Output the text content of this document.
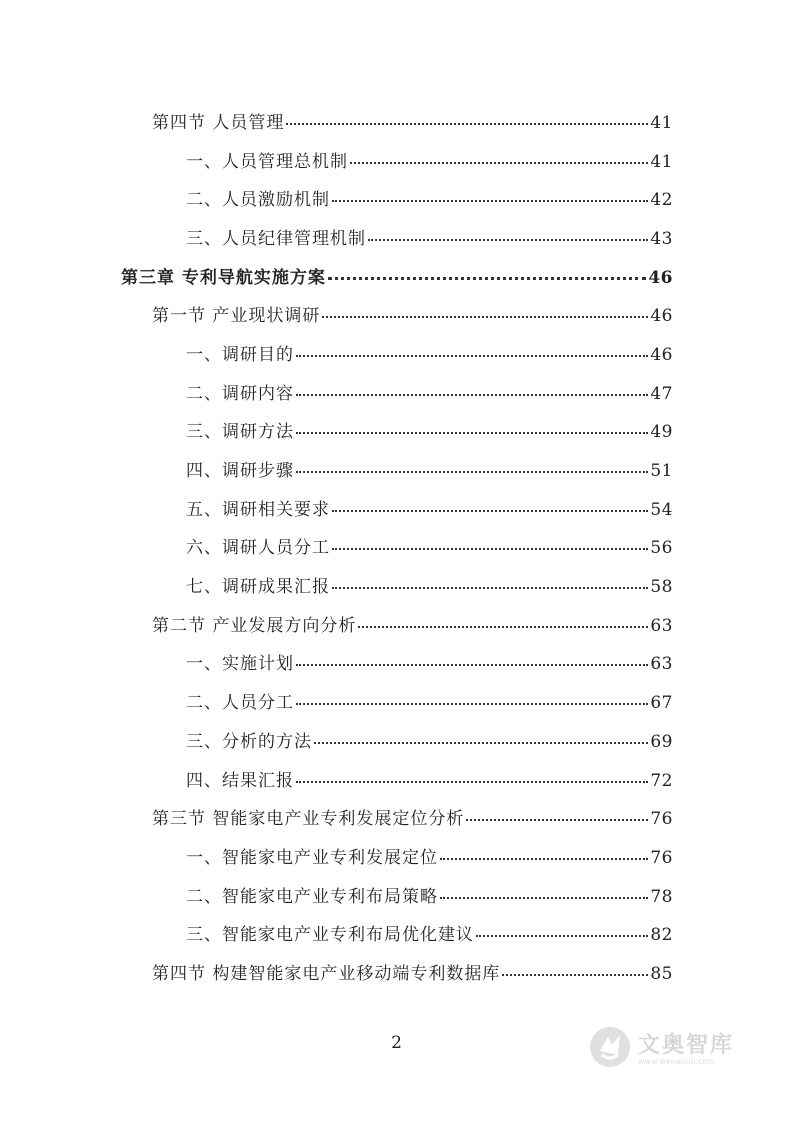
第四节 人员管理	41
一、人员管理总机制	41
二、人员激励机制	42
三、人员纪律管理机制	43
第三章 专利导航实施方案	46
第一节 产业现状调研	46
一、调研目的	46
二、调研内容	47
三、调研方法	49
四、调研步骤	51
五、调研相关要求	54
六、调研人员分工	56
七、调研成果汇报	58
第二节 产业发展方向分析	63
一、实施计划	63
二、人员分工	67
三、分析的方法	69
四、结果汇报	72
第三节 智能家电产业专利发展定位分析	76
一、智能家电产业专利发展定位	76
二、智能家电产业专利布局策略	78
三、智能家电产业专利布局优化建议	82
第四节 构建智能家电产业移动端专利数据库	85
2	文奥智库
www.wenaolib.com
